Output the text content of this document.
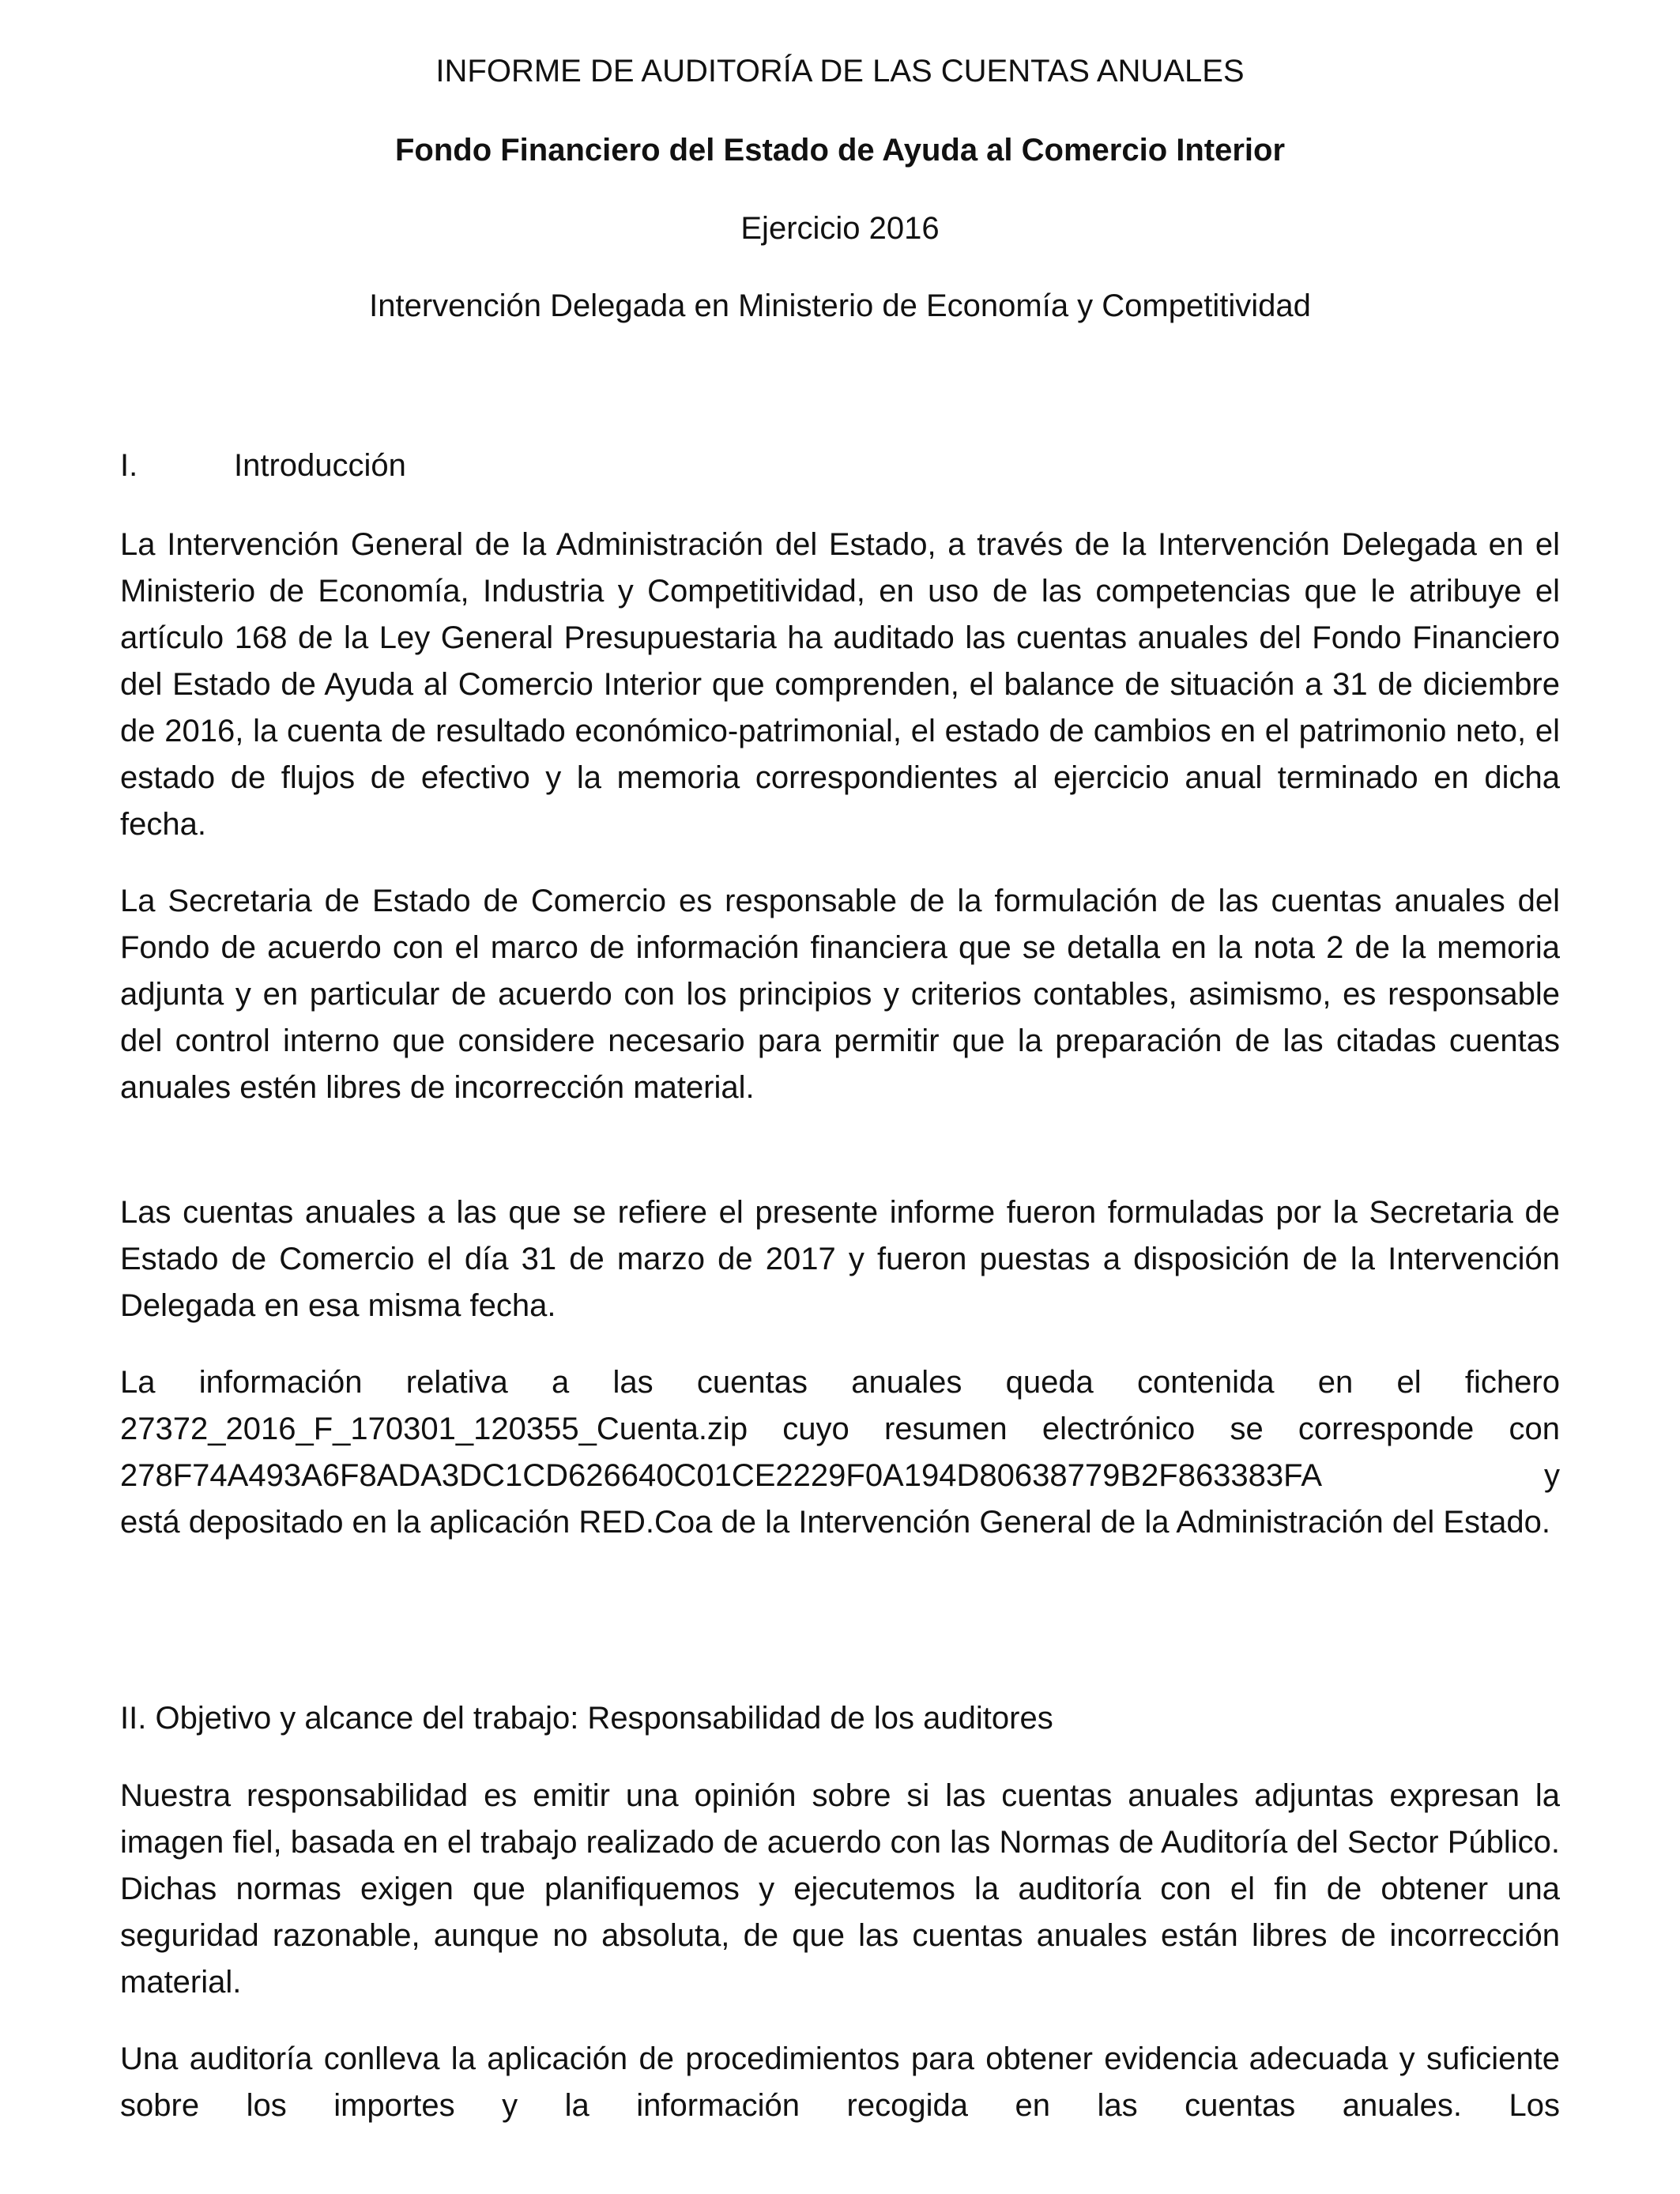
INFORME DE AUDITORÍA DE LAS CUENTAS ANUALES
Fondo Financiero del Estado de Ayuda al Comercio Interior
Ejercicio 2016
Intervención Delegada en Ministerio de Economía y Competitividad
I.	Introducción

La Intervención General de la Administración del Estado, a través de la Intervención Delegada en el Ministerio de Economía, Industria y Competitividad, en uso de las competencias que le atribuye el artículo 168 de la Ley General Presupuestaria ha auditado las cuentas anuales del Fondo Financiero del Estado de Ayuda al Comercio Interior que comprenden, el balance de situación a 31 de diciembre de 2016, la cuenta de resultado económico-patrimonial, el estado de cambios en el patrimonio neto, el estado de flujos de efectivo y la memoria correspondientes al ejercicio anual terminado en dicha fecha.

La Secretaria de Estado de Comercio es responsable de la formulación de las cuentas anuales del Fondo de acuerdo con el marco de información financiera que se detalla en la nota 2 de la memoria adjunta y en particular de acuerdo con los principios y criterios contables, asimismo, es responsable del control interno que considere necesario para permitir que la preparación de las citadas cuentas anuales estén libres de incorrección material.

Las cuentas anuales a las que se refiere el presente informe fueron formuladas por la Secretaria de Estado de Comercio el día 31 de marzo de 2017 y fueron puestas a disposición de la Intervención Delegada en esa misma fecha.

La información relativa a las cuentas anuales queda contenida en el fichero 27372_2016_F_170301_120355_Cuenta.zip cuyo resumen electrónico se corresponde con
278F74A493A6F8ADA3DC1CD626640C01CE2229F0A194D80638779B2F863383FA	y
está depositado en la aplicación RED.Coa de la Intervención General de la Administración del Estado.
II. Objetivo y alcance del trabajo: Responsabilidad de los auditores

Nuestra responsabilidad es emitir una opinión sobre si las cuentas anuales adjuntas expresan la imagen fiel, basada en el trabajo realizado de acuerdo con las Normas de Auditoría del Sector Público. Dichas normas exigen que planifiquemos y ejecutemos la auditoría con el fin de obtener una seguridad razonable, aunque no absoluta, de que las cuentas anuales están libres de incorrección material.

Una auditoría conlleva la aplicación de procedimientos para obtener evidencia adecuada y suficiente sobre los importes y la información recogida en las cuentas anuales. Los
